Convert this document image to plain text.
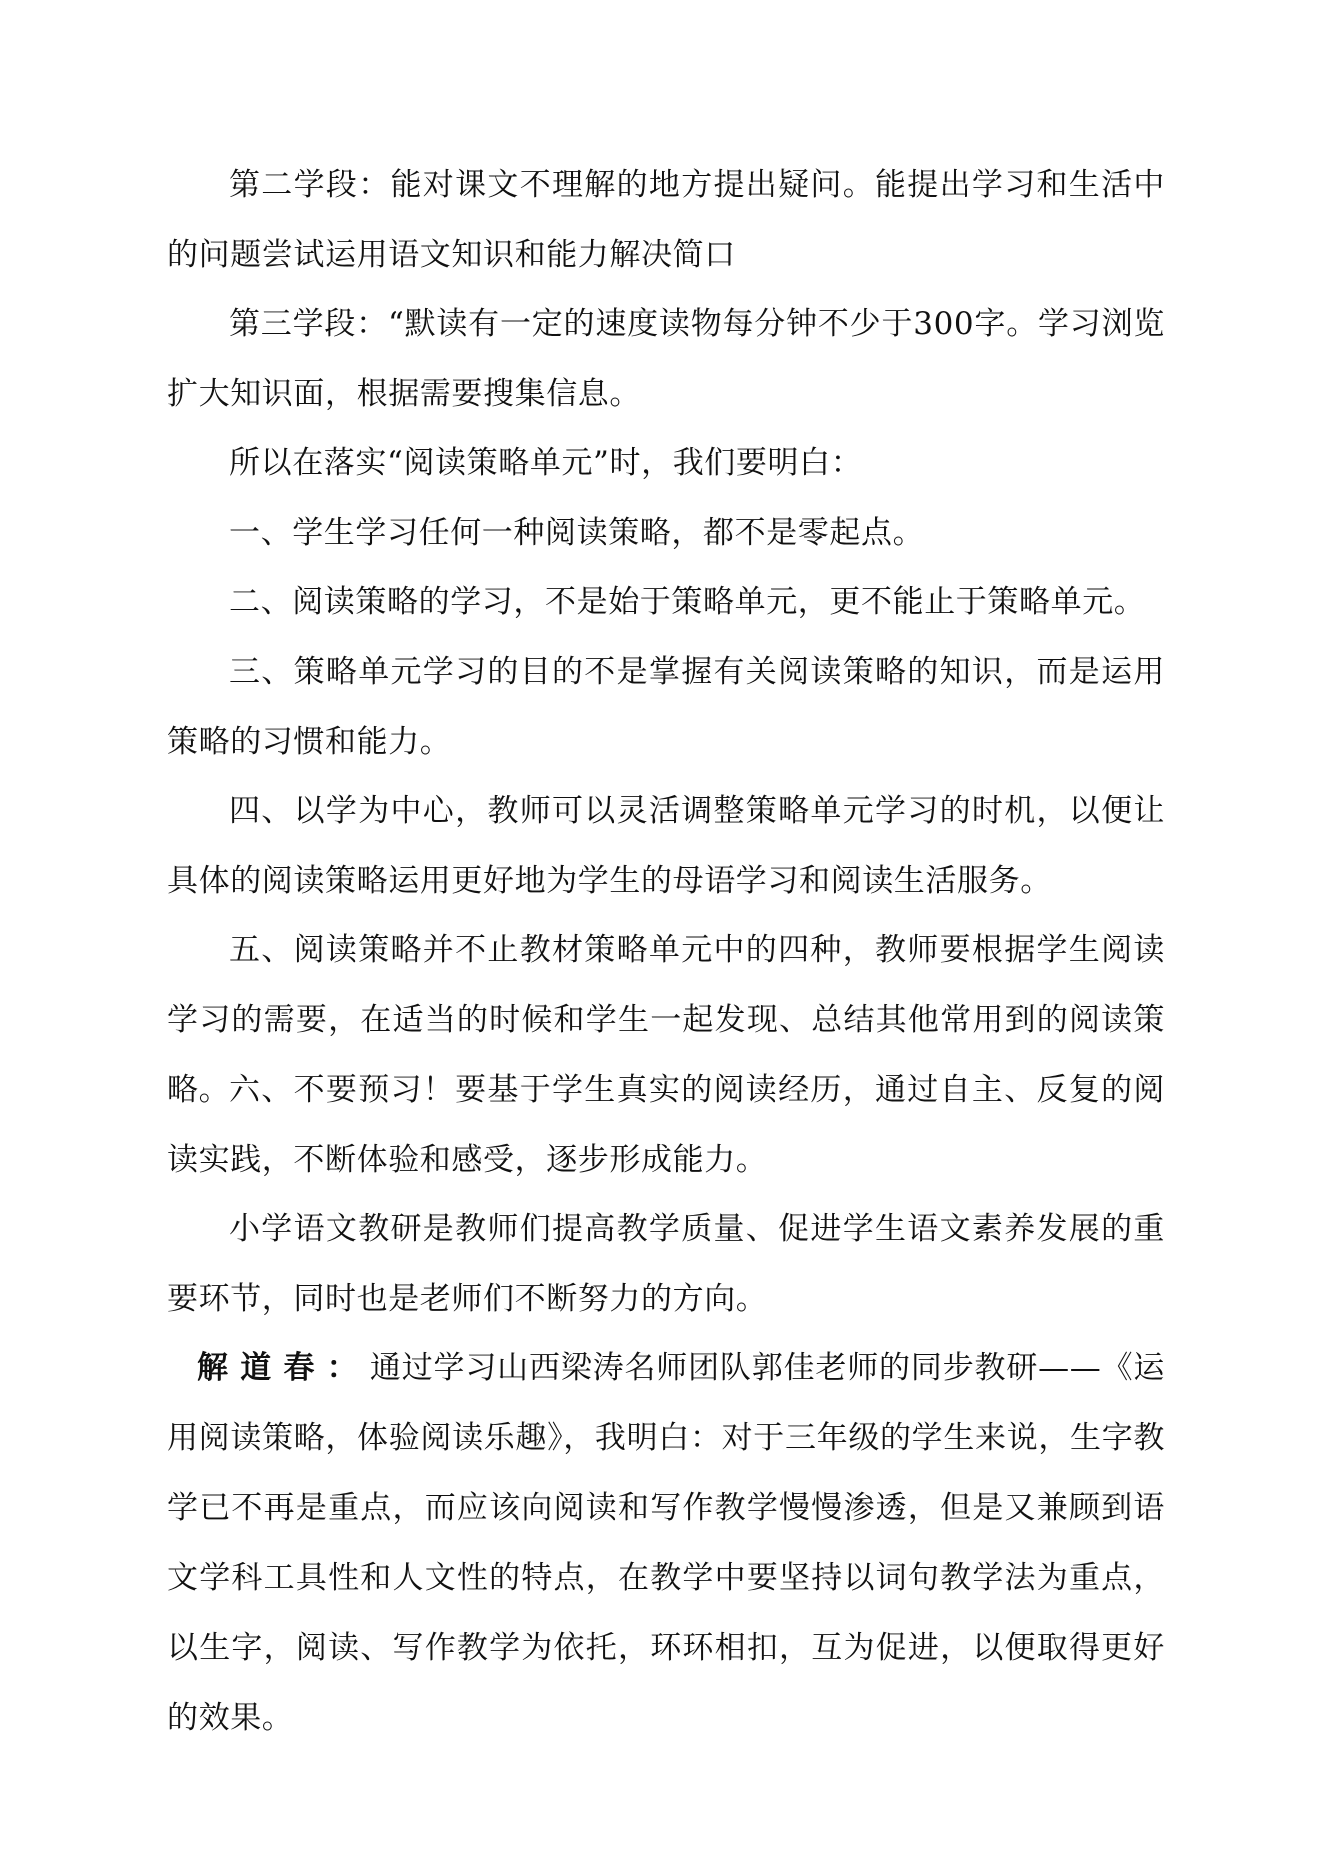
第二学段：能对课文不理解的地方提出疑问。能提出学习和生活中的问题尝试运用语文知识和能力解决简口
第三学段：“默读有一定的速度读物每分钟不少于300字。学习浏览扩大知识面，根据需要搜集信息。
所以在落实“阅读策略单元”时，我们要明白：
一、学生学习任何一种阅读策略，都不是零起点。
二、阅读策略的学习，不是始于策略单元，更不能止于策略单元。
三、策略单元学习的目的不是掌握有关阅读策略的知识，而是运用策略的习惯和能力。
四、以学为中心，教师可以灵活调整策略单元学习的时机，以便让具体的阅读策略运用更好地为学生的母语学习和阅读生活服务。
五、阅读策略并不止教材策略单元中的四种，教师要根据学生阅读学习的需要，在适当的时候和学生一起发现、总结其他常用到的阅读策略。
六、不要预习！要基于学生真实的阅读经历，通过自主、反复的阅读实践，不断体验和感受，逐步形成能力。
小学语文教研是教师们提高教学质量、促进学生语文素养发展的重要环节，同时也是老师们不断努力的方向。
解道春：通过学习山西梁涛名师团队郭佳老师的同步教研——《运用阅读策略，体验阅读乐趣》，我明白：对于三年级的学生来说，生字教学已不再是重点，而应该向阅读和写作教学慢慢渗透，但是又兼顾到语文学科工具性和人文性的特点，在教学中要坚持以词句教学法为重点，以生字，阅读、写作教学为依托，环环相扣，互为促进，以便取得更好的效果。
